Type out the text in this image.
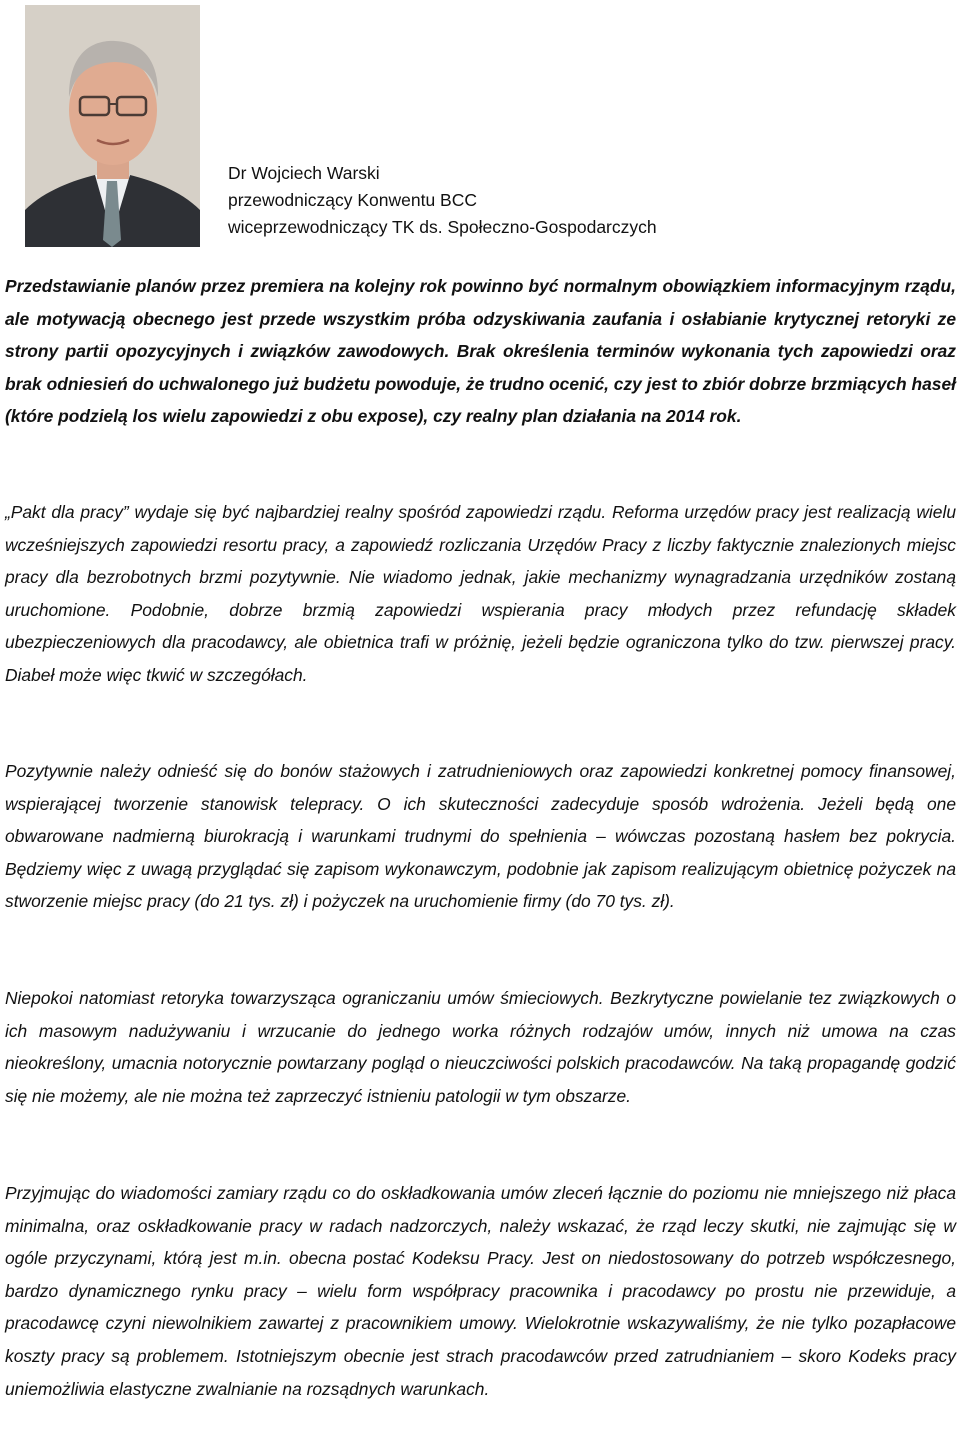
Dr Wojciech Warski
przewodniczący Konwentu BCC
wiceprzewodniczący TK ds. Społeczno-Gospodarczych

Przedstawianie planów przez premiera na kolejny rok powinno być normalnym obowiązkiem informacyjnym rządu, ale motywacją obecnego jest przede wszystkim próba odzyskiwania zaufania i osłabianie krytycznej retoryki ze strony partii opozycyjnych i związków zawodowych. Brak określenia terminów wykonania tych zapowiedzi oraz brak odniesień do uchwalonego już budżetu powoduje, że trudno ocenić, czy jest to zbiór dobrze brzmiących haseł (które podzielą los wielu zapowiedzi z obu expose), czy realny plan działania na 2014 rok.

„Pakt dla pracy” wydaje się być najbardziej realny spośród zapowiedzi rządu. Reforma urzędów pracy jest realizacją wielu wcześniejszych zapowiedzi resortu pracy, a zapowiedź rozliczania Urzędów Pracy z liczby faktycznie znalezionych miejsc pracy dla bezrobotnych brzmi pozytywnie. Nie wiadomo jednak, jakie mechanizmy wynagradzania urzędników zostaną uruchomione. Podobnie, dobrze brzmią zapowiedzi wspierania pracy młodych przez refundację składek ubezpieczeniowych dla pracodawcy, ale obietnica trafi w próżnię, jeżeli będzie ograniczona tylko do tzw. pierwszej pracy. Diabeł może więc tkwić w szczegółach.

Pozytywnie należy odnieść się do bonów stażowych i zatrudnieniowych oraz zapowiedzi konkretnej pomocy finansowej, wspierającej tworzenie stanowisk telepracy. O ich skuteczności zadecyduje sposób wdrożenia. Jeżeli będą one obwarowane nadmierną biurokracją i warunkami trudnymi do spełnienia – wówczas pozostaną hasłem bez pokrycia. Będziemy więc z uwagą przyglądać się zapisom wykonawczym, podobnie jak zapisom realizującym obietnicę pożyczek na stworzenie miejsc pracy (do 21 tys. zł) i pożyczek na uruchomienie firmy (do 70 tys. zł).

Niepokoi natomiast retoryka towarzysząca ograniczaniu umów śmieciowych. Bezkrytyczne powielanie tez związkowych o ich masowym nadużywaniu i wrzucanie do jednego worka różnych rodzajów umów, innych niż umowa na czas nieokreślony, umacnia notorycznie powtarzany pogląd o nieuczciwości polskich pracodawców. Na taką propagandę godzić się nie możemy, ale nie można też zaprzeczyć istnieniu patologii w tym obszarze.

Przyjmując do wiadomości zamiary rządu co do oskładkowania umów zleceń łącznie do poziomu nie mniejszego niż płaca minimalna, oraz oskładkowanie pracy w radach nadzorczych, należy wskazać, że rząd leczy skutki, nie zajmując się w ogóle przyczynami, którą jest m.in. obecna postać Kodeksu Pracy. Jest on niedostosowany do potrzeb współczesnego, bardzo dynamicznego rynku pracy – wielu form współpracy pracownika i pracodawcy po prostu nie przewiduje, a pracodawcę czyni niewolnikiem zawartej z pracownikiem umowy. Wielokrotnie wskazywaliśmy, że nie tylko pozapłacowe koszty pracy są problemem. Istotniejszym obecnie jest strach pracodawców przed zatrudnianiem – skoro Kodeks pracy uniemożliwia elastyczne zwalnianie na rozsądnych warunkach.
